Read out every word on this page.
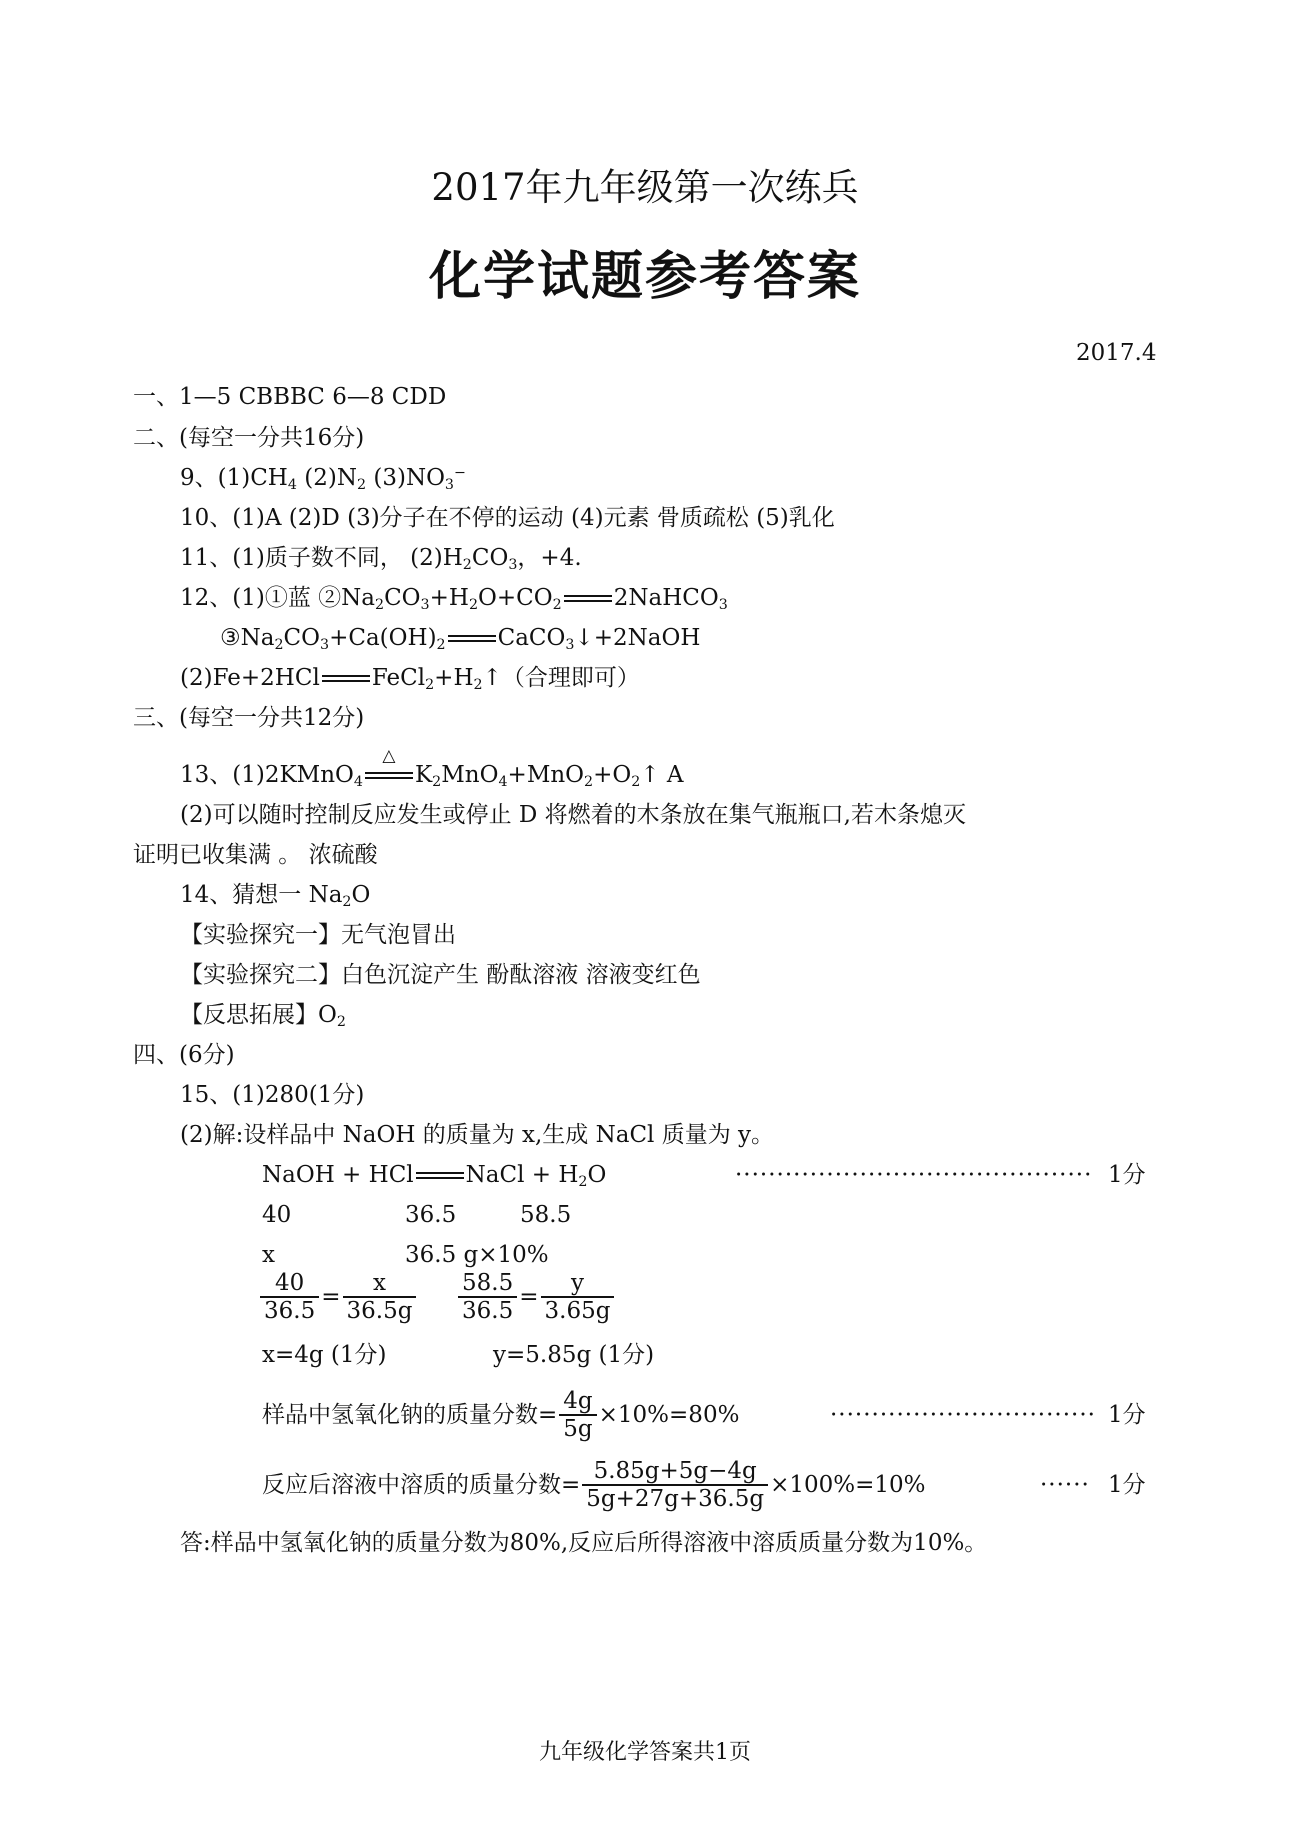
2017年九年级第一次练兵
化学试题参考答案
2017.4
一、1—5 CBBBC 6—8 CDD
二、(每空一分共16分)
9、(1)CH4 (2)N2 (3)NO3−
10、(1)A (2)D (3)分子在不停的运动 (4)元素 骨质疏松 (5)乳化
11、(1)质子数不同， (2)H2CO3，+4.
12、(1)①蓝 ②Na2CO3+H2O+CO2 2NaHCO3
③Na2CO3+Ca(OH)2 CaCO3↓+2NaOH
(2)Fe+2HCl FeCl2+H2↑（合理即可）
三、(每空一分共12分)
13、(1)2KMnO4
△
K2MnO4+MnO2+O2↑ A
(2)可以随时控制反应发生或停止 D 将燃着的木条放在集气瓶瓶口,若木条熄灭
证明已收集满 。 浓硫酸
14、猜想一 Na2O
【实验探究一】无气泡冒出
【实验探究二】白色沉淀产生 酚酞溶液 溶液变红色
【反思拓展】O2
四、(6分)
15、(1)280(1分)
(2)解:设样品中 NaOH 的质量为 x,生成 NaCl 质量为 y。
NaOH + HCl NaCl + H2O	··········································· 1分
40	36.5	58.5
x	36.5 g×10%
$\frac{40}{36.5} = \frac{x}{36.5g} \frac{58.5}{36.5} = \frac{y}{3.65g}$
x=4g (1分)	y=5.85g (1分)
样品中氢氧化钠的质量分数= $\frac{4g}{5g} \times 10\%=80\%$	································ 1分
反应后溶液中溶质的质量分数= $\frac{5.85g+5g-4g}{5g+27g+36.5g} \times 100\%=10\%$	······ 1分
答:样品中氢氧化钠的质量分数为80%,反应后所得溶液中溶质质量分数为10%。
九年级化学答案共1页
